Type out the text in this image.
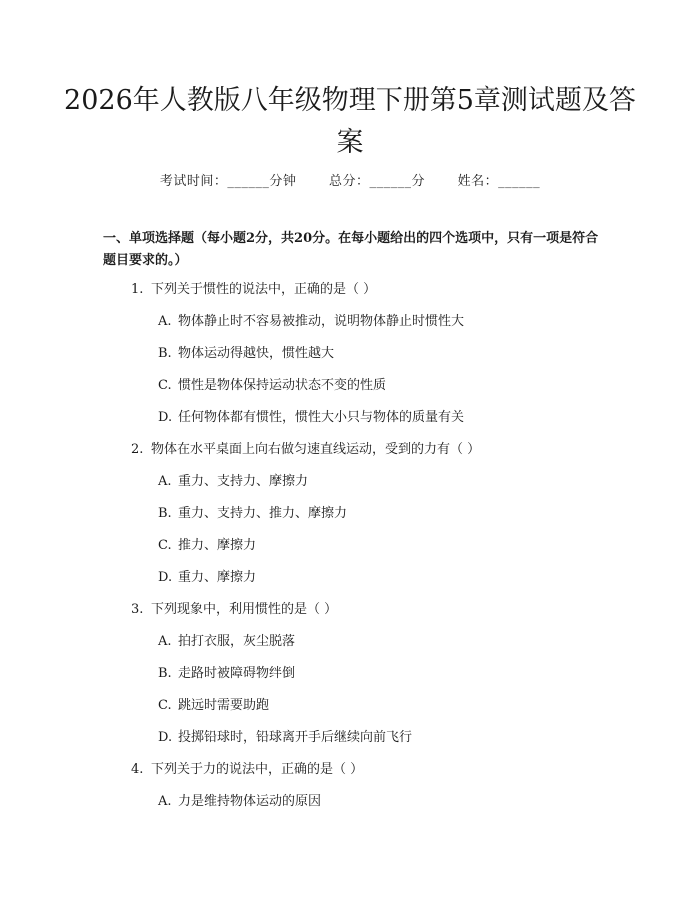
2026年人教版八年级物理下册第5章测试题及答案
考试时间：______分钟	总分：______分	姓名：______

一、单项选择题（每小题2分，共20分。在每小题给出的四个选项中，只有一项是符合题目要求的。）

1. 下列关于惯性的说法中，正确的是（ ）
A. 物体静止时不容易被推动，说明物体静止时惯性大
B. 物体运动得越快，惯性越大
C. 惯性是物体保持运动状态不变的性质
D. 任何物体都有惯性，惯性大小只与物体的质量有关
2. 物体在水平桌面上向右做匀速直线运动，受到的力有（ ）
A. 重力、支持力、摩擦力
B. 重力、支持力、推力、摩擦力
C. 推力、摩擦力
D. 重力、摩擦力
3. 下列现象中，利用惯性的是（ ）
A. 拍打衣服，灰尘脱落
B. 走路时被障碍物绊倒
C. 跳远时需要助跑
D. 投掷铅球时，铅球离开手后继续向前飞行
4. 下列关于力的说法中，正确的是（ ）
A. 力是维持物体运动的原因
